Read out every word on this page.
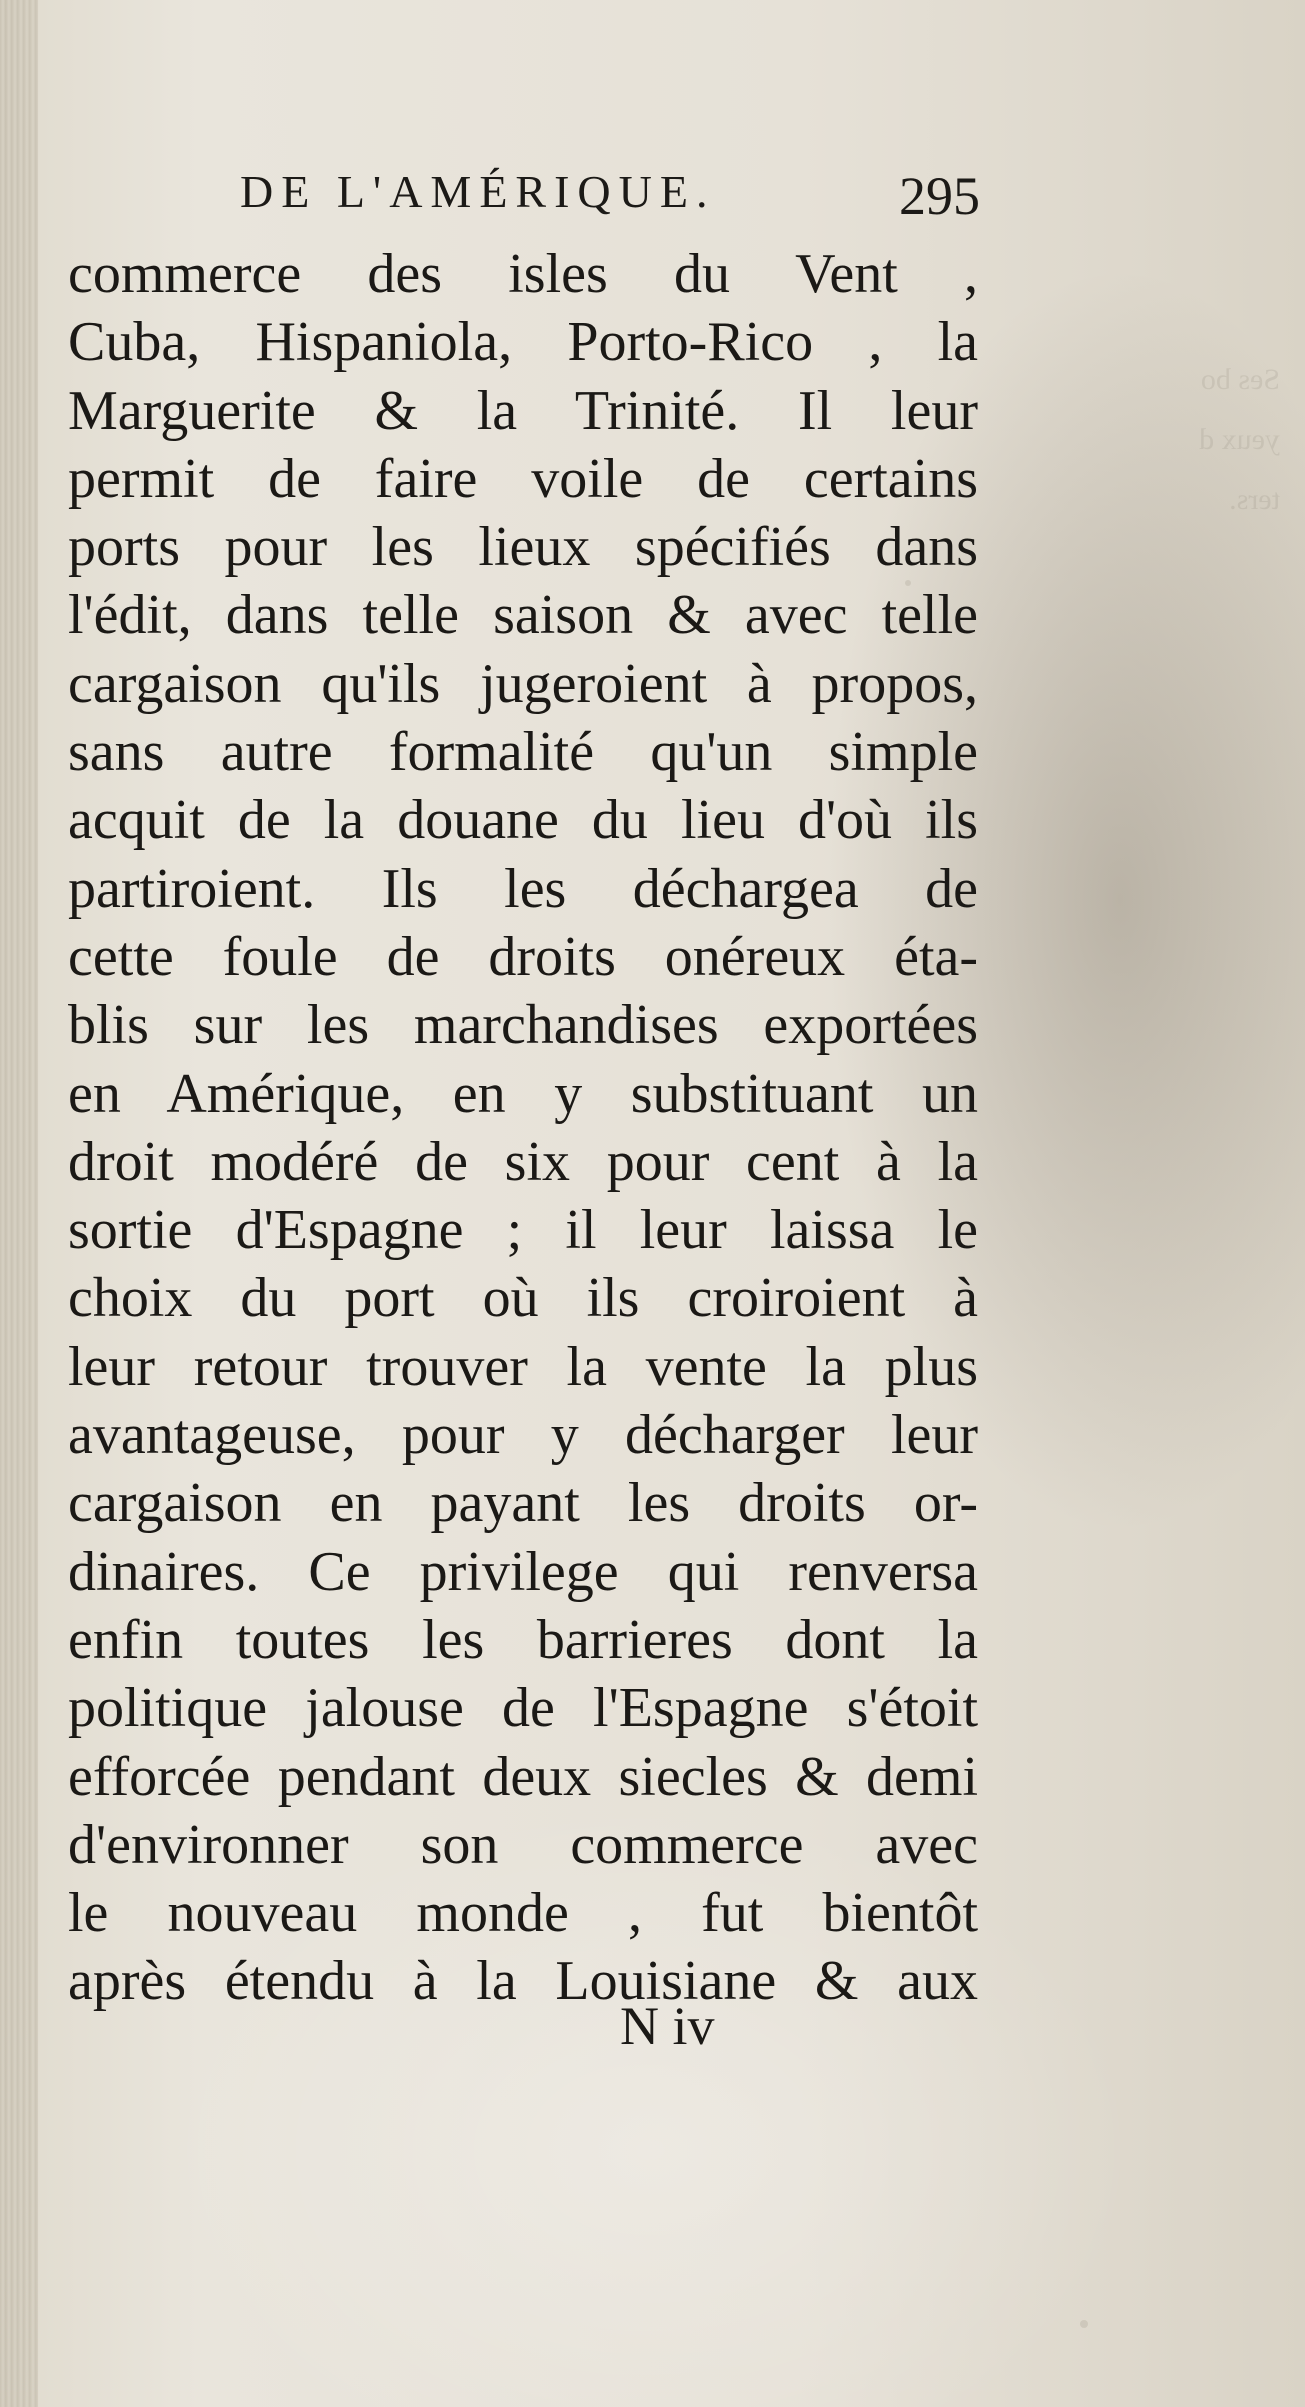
Ses bo
yeux d
ters.
DE L'AMÉRIQUE.	295
commerce des isles du Vent ,
Cuba, Hispaniola, Porto-Rico , la
Marguerite & la Trinité. Il leur
permit de faire voile de certains
ports pour les lieux spécifiés dans
l'édit, dans telle saison & avec telle
cargaison qu'ils jugeroient à propos,
sans autre formalité qu'un simple
acquit de la douane du lieu d'où ils
partiroient. Ils les déchargea de
cette foule de droits onéreux éta-
blis sur les marchandises exportées
en Amérique, en y substituant un
droit modéré de six pour cent à la
sortie d'Espagne ; il leur laissa le
choix du port où ils croiroient à
leur retour trouver la vente la plus
avantageuse, pour y décharger leur
cargaison en payant les droits or-
dinaires. Ce privilege qui renversa
enfin toutes les barrieres dont la
politique jalouse de l'Espagne s'étoit
efforcée pendant deux siecles & demi
d'environner son commerce avec
le nouveau monde , fut bientôt
après étendu à la Louisiane & aux
N iv
